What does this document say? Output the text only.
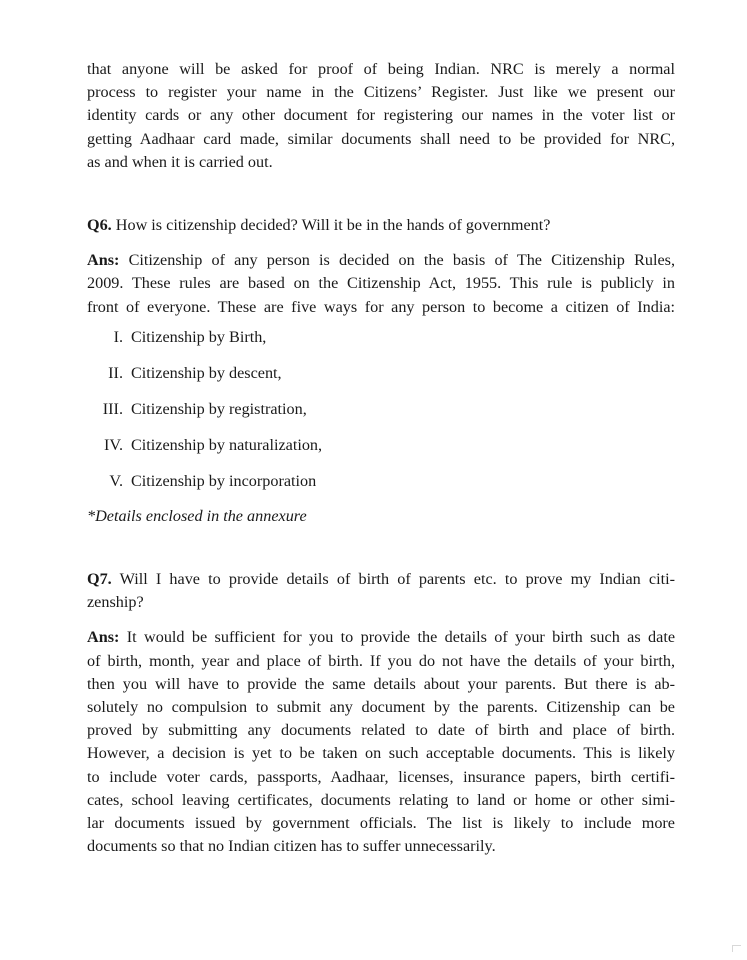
that anyone will be asked for proof of being Indian. NRC is merely a normal
process to register your name in the Citizens’ Register. Just like we present our
identity cards or any other document for registering our names in the voter list or
getting Aadhaar card made, similar documents shall need to be provided for NRC,
as and when it is carried out.
Q6. How is citizenship decided? Will it be in the hands of government?
Ans: Citizenship of any person is decided on the basis of The Citizenship Rules,
2009. These rules are based on the Citizenship Act, 1955. This rule is publicly in
front of everyone. These are five ways for any person to become a citizen of India:
I. Citizenship by Birth,
II. Citizenship by descent,
III. Citizenship by registration,
IV. Citizenship by naturalization,
V. Citizenship by incorporation
*Details enclosed in the annexure
Q7. Will I have to provide details of birth of parents etc. to prove my Indian citi-
zenship?
Ans: It would be sufficient for you to provide the details of your birth such as date
of birth, month, year and place of birth. If you do not have the details of your birth,
then you will have to provide the same details about your parents. But there is ab-
solutely no compulsion to submit any document by the parents. Citizenship can be
proved by submitting any documents related to date of birth and place of birth.
However, a decision is yet to be taken on such acceptable documents. This is likely
to include voter cards, passports, Aadhaar, licenses, insurance papers, birth certifi-
cates, school leaving certificates, documents relating to land or home or other simi-
lar documents issued by government officials. The list is likely to include more
documents so that no Indian citizen has to suffer unnecessarily.
